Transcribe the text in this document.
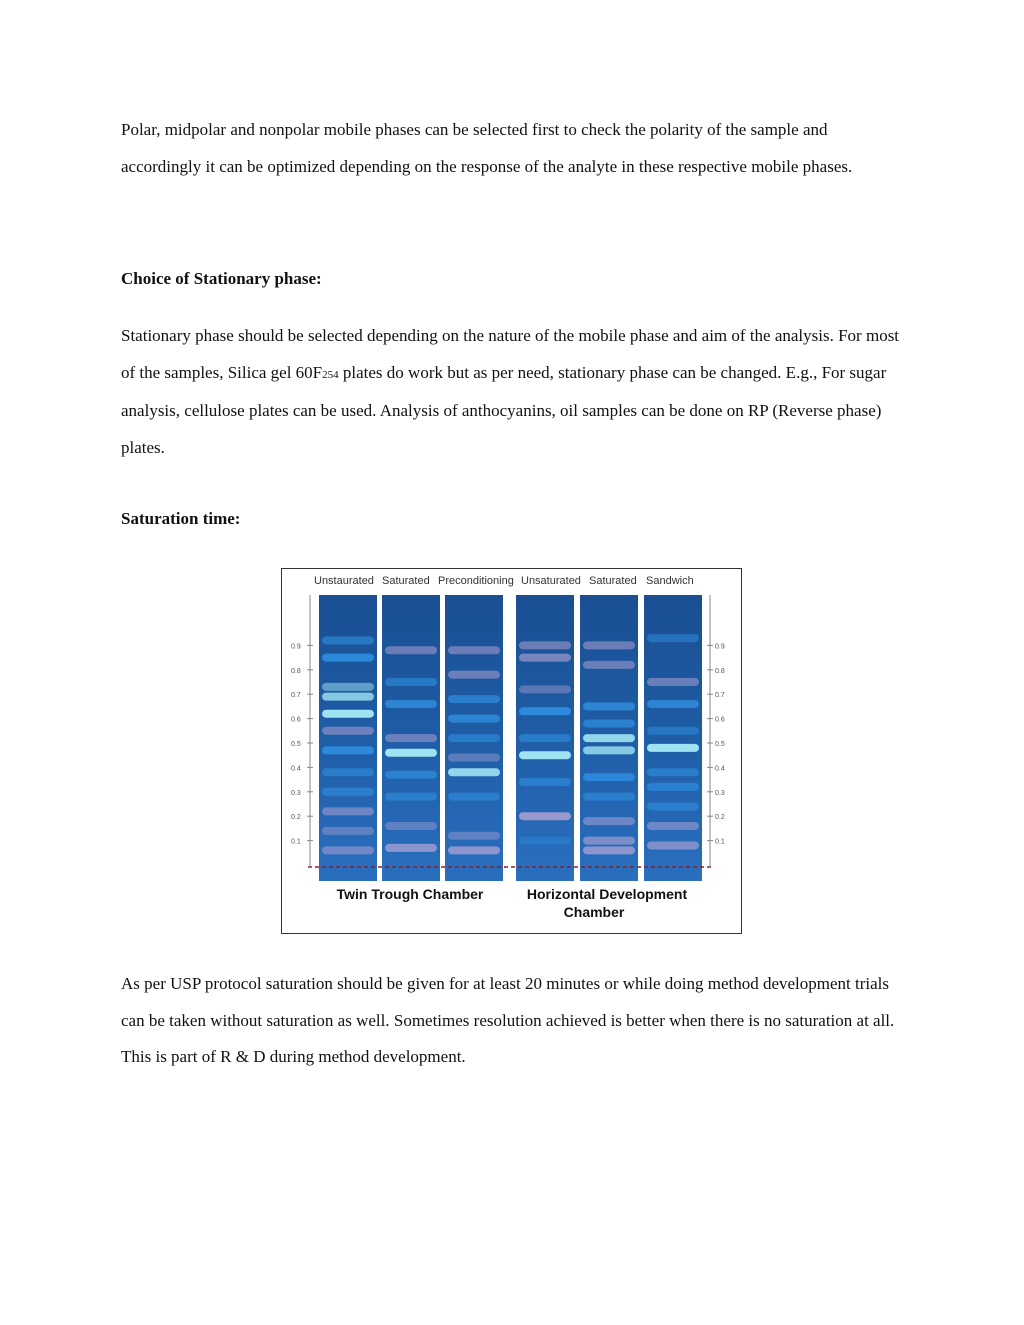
Polar, midpolar and nonpolar mobile phases can be selected first to check the polarity of the sample and accordingly it can be optimized depending on the response of the analyte in these respective mobile phases.

Choice of Stationary phase:

Stationary phase should be selected depending on the nature of the mobile phase and aim of the analysis. For most of the samples, Silica gel 60F254 plates do work but as per need, stationary phase can be changed. E.g., For sugar analysis, cellulose plates can be used. Analysis of anthocyanins, oil samples can be done on RP (Reverse phase) plates.

Saturation time:
Unstaurated Saturated Preconditioning Unsaturated Saturated Sandwich
0.9	0.9
0.8	0.8
0.7	0.7
0.6	0.6
0.5	0.5
0.4	0.4
0.3	0.3
0.2	0.2
0.1	0.1
Twin Trough Chamber	Horizontal Development
Chamber

As per USP protocol saturation should be given for at least 20 minutes or while doing method development trials can be taken without saturation as well. Sometimes resolution achieved is better when there is no saturation at all. This is part of R & D during method development.
